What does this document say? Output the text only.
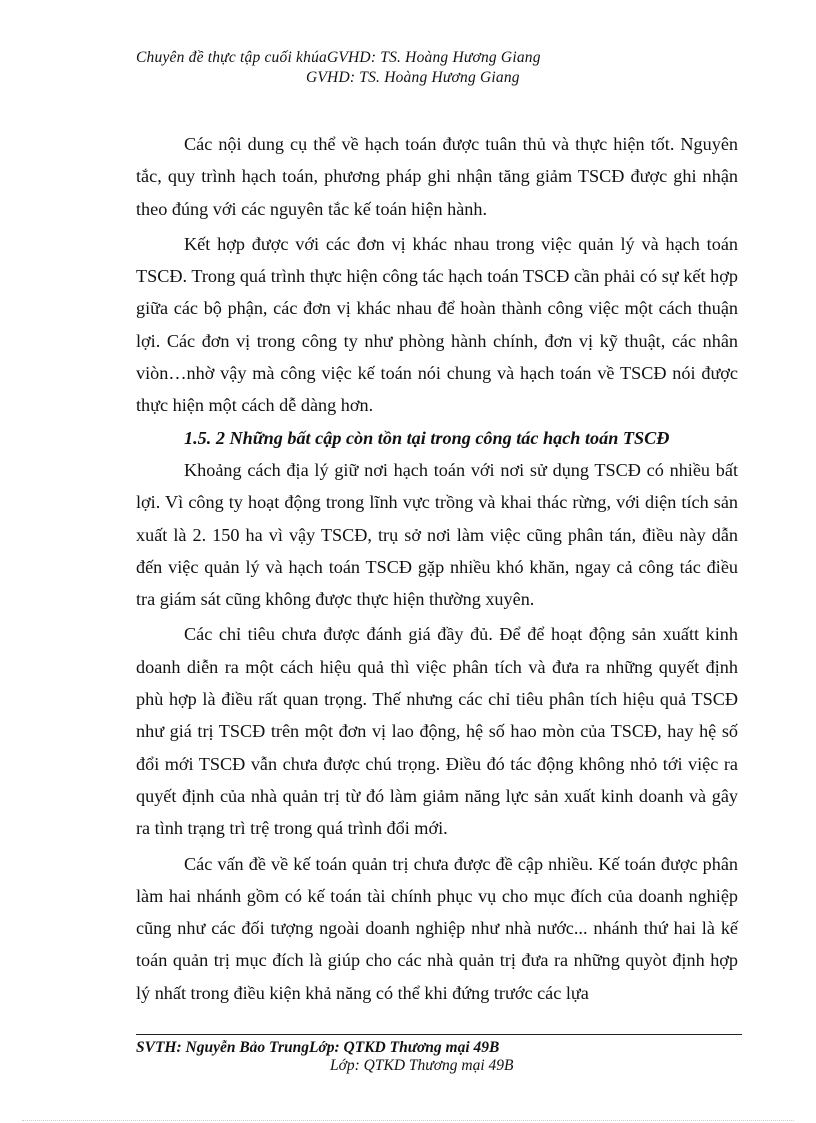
Chuyên đề thực tập cuối khúaGVHD: TS. Hoàng Hương Giang
GVHD: TS. Hoàng Hương Giang

Các nội dung cụ thể về hạch toán được tuân thủ và thực hiện tốt. Nguyên tắc, quy trình hạch toán, phương pháp ghi nhận tăng giảm TSCĐ được ghi nhận theo đúng với các nguyên tắc kế toán hiện hành.

Kết hợp được với các đơn vị khác nhau trong việc quản lý và hạch toán TSCĐ. Trong quá trình thực hiện công tác hạch toán TSCĐ cần phải có sự kết hợp giữa các bộ phận, các đơn vị khác nhau để hoàn thành công việc một cách thuận lợi. Các đơn vị trong công ty như phòng hành chính, đơn vị kỹ thuật, các nhân viòn…nhờ vậy mà công việc kế toán nói chung và hạch toán về TSCĐ nói được thực hiện một cách dễ dàng hơn.

1.5. 2 Những bất cập còn tồn tại trong công tác hạch toán TSCĐ

Khoảng cách địa lý giữ nơi hạch toán với nơi sử dụng TSCĐ có nhiều bất lợi. Vì công ty hoạt động trong lĩnh vực trồng và khai thác rừng, với diện tích sản xuất là 2. 150 ha vì vậy TSCĐ, trụ sở nơi làm việc cũng phân tán, điều này dẫn đến việc quản lý và hạch toán TSCĐ gặp nhiều khó khăn, ngay cả công tác điều tra giám sát cũng không được thực hiện thường xuyên.

Các chỉ tiêu chưa được đánh giá đầy đủ. Để để hoạt động sản xuấtt kinh doanh diễn ra một cách hiệu quả thì việc phân tích và đưa ra những quyết định phù hợp là điều rất quan trọng. Thế nhưng các chỉ tiêu phân tích hiệu quả TSCĐ như giá trị TSCĐ trên một đơn vị lao động, hệ số hao mòn của TSCĐ, hay hệ số đổi mới TSCĐ vẫn chưa được chú trọng. Điều đó tác động không nhỏ tới việc ra quyết định của nhà quản trị từ đó làm giảm năng lực sản xuất kinh doanh và gây ra tình trạng trì trệ trong quá trình đổi mới.

Các vấn đề về kế toán quản trị chưa được đề cập nhiều. Kế toán được phân làm hai nhánh gồm có kế toán tài chính phục vụ cho mục đích của doanh nghiệp cũng như các đối tượng ngoài doanh nghiệp như nhà nước... nhánh thứ hai là kế toán quản trị mục đích là giúp cho các nhà quản trị đưa ra những quyòt định hợp lý nhất trong điều kiện khả năng có thể khi đứng trước các lựa

SVTH: Nguyễn Bảo TrungLớp: QTKD Thương mại 49B
Lớp: QTKD Thương mại 49B
